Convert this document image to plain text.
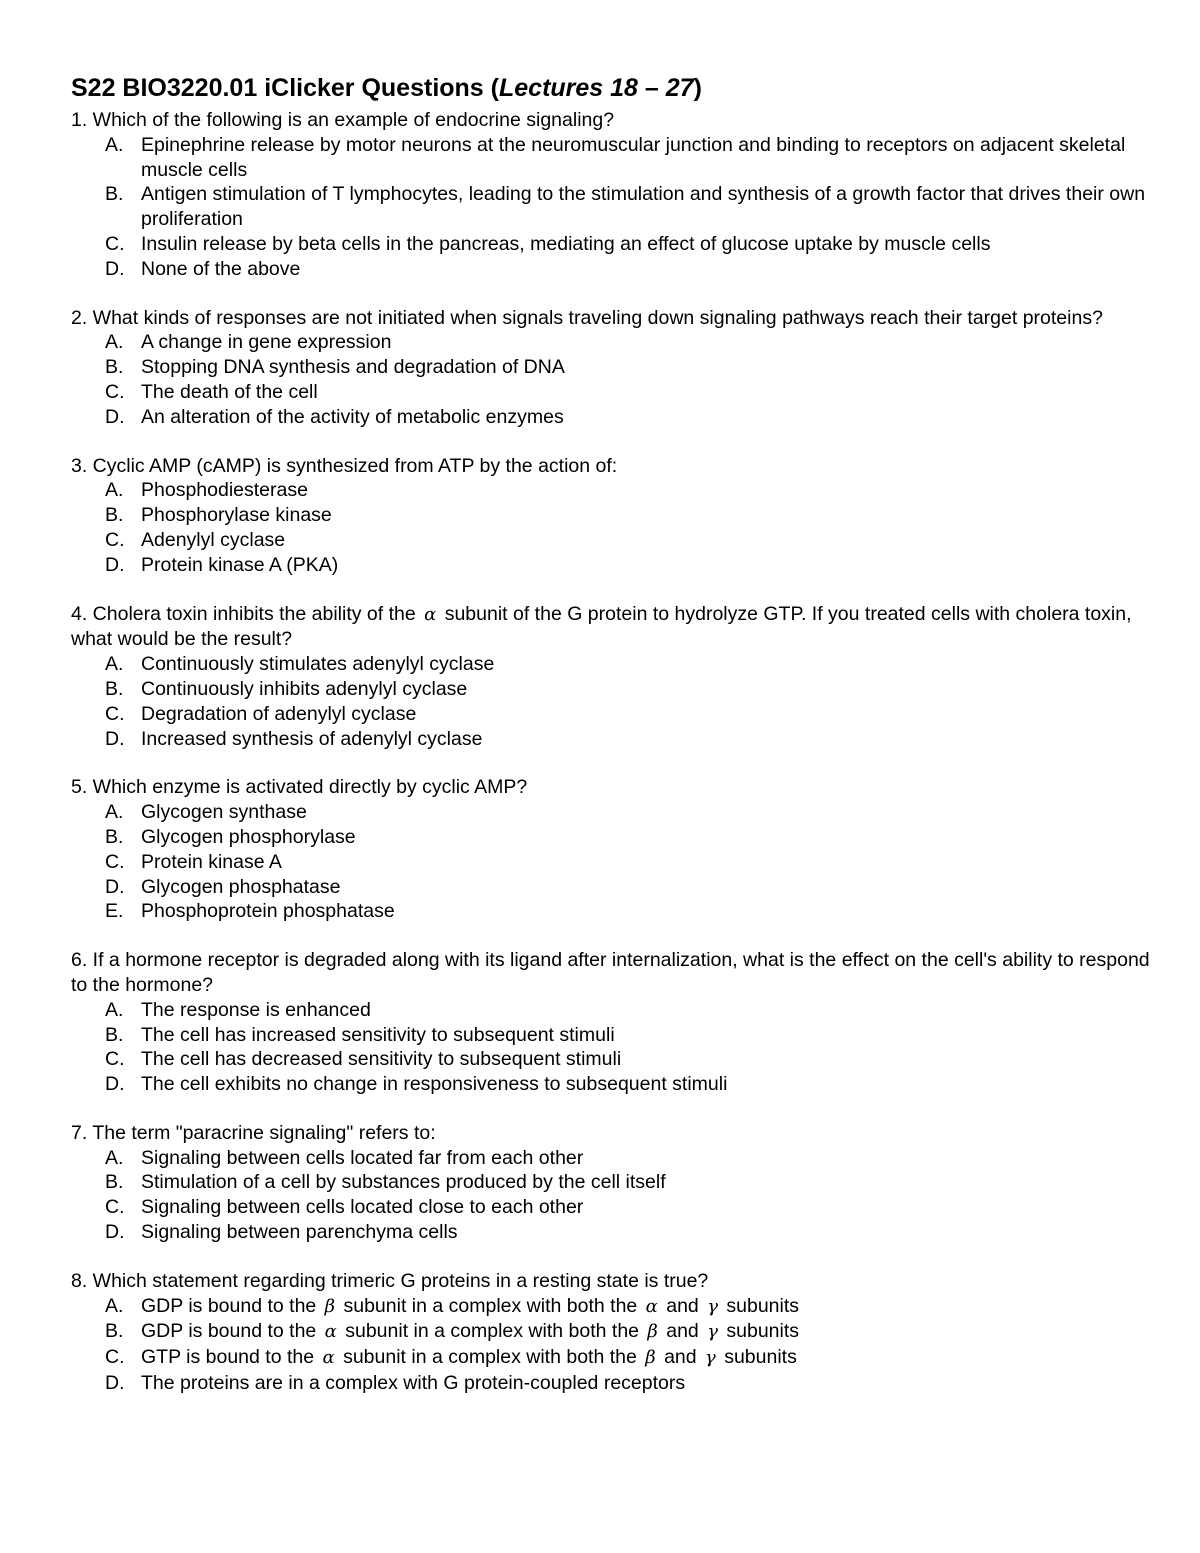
S22 BIO3220.01 iClicker Questions (Lectures 18 – 27)

1. Which of the following is an example of endocrine signaling?

A. Epinephrine release by motor neurons at the neuromuscular junction and binding to receptors on adjacent skeletal muscle cells
B. Antigen stimulation of T lymphocytes, leading to the stimulation and synthesis of a growth factor that drives their own proliferation
C. Insulin release by beta cells in the pancreas, mediating an effect of glucose uptake by muscle cells
D. None of the above

2. What kinds of responses are not initiated when signals traveling down signaling pathways reach their target proteins?

A. A change in gene expression
B. Stopping DNA synthesis and degradation of DNA
C. The death of the cell
D. An alteration of the activity of metabolic enzymes

3. Cyclic AMP (cAMP) is synthesized from ATP by the action of:

A. Phosphodiesterase
B. Phosphorylase kinase
C. Adenylyl cyclase
D. Protein kinase A (PKA)

4. Cholera toxin inhibits the ability of the α subunit of the G protein to hydrolyze GTP. If you treated cells with cholera toxin, what would be the result?

A. Continuously stimulates adenylyl cyclase
B. Continuously inhibits adenylyl cyclase
C. Degradation of adenylyl cyclase
D. Increased synthesis of adenylyl cyclase

5. Which enzyme is activated directly by cyclic AMP?

A. Glycogen synthase
B. Glycogen phosphorylase
C. Protein kinase A
D. Glycogen phosphatase
E. Phosphoprotein phosphatase

6. If a hormone receptor is degraded along with its ligand after internalization, what is the effect on the cell's ability to respond to the hormone?

A. The response is enhanced
B. The cell has increased sensitivity to subsequent stimuli
C. The cell has decreased sensitivity to subsequent stimuli
D. The cell exhibits no change in responsiveness to subsequent stimuli

7. The term "paracrine signaling" refers to:

A. Signaling between cells located far from each other
B. Stimulation of a cell by substances produced by the cell itself
C. Signaling between cells located close to each other
D. Signaling between parenchyma cells

8. Which statement regarding trimeric G proteins in a resting state is true?

A. GDP is bound to the β subunit in a complex with both the α and γ subunits
B. GDP is bound to the α subunit in a complex with both the β and γ subunits
C. GTP is bound to the α subunit in a complex with both the β and γ subunits
D. The proteins are in a complex with G protein-coupled receptors
